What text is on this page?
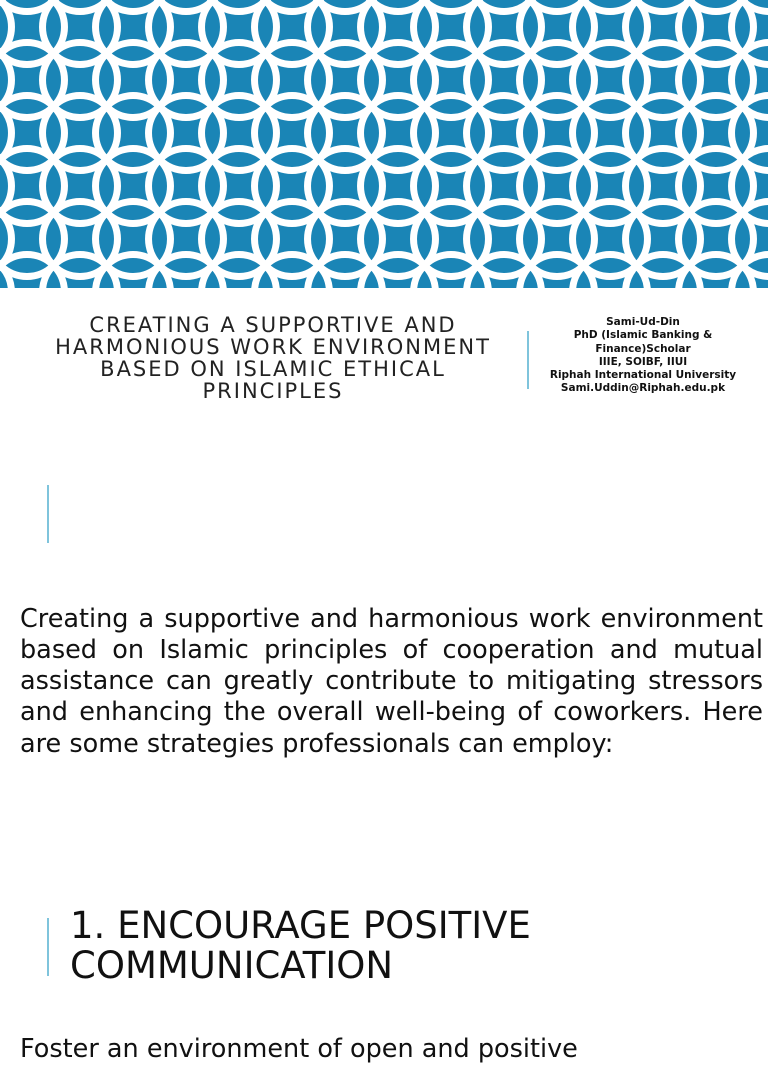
CREATING A SUPPORTIVE AND
HARMONIOUS WORK ENVIRONMENT
BASED ON ISLAMIC ETHICAL
PRINCIPLES
Sami-Ud-Din
PhD (Islamic Banking &
Finance)Scholar
IIIE, SOIBF, IIUI
Riphah International University
Sami.Uddin@Riphah.edu.pk

Creating a supportive and harmonious work environment based on Islamic principles of cooperation and mutual assistance can greatly contribute to mitigating stressors and enhancing the overall well-being of coworkers. Here are some strategies professionals can employ:

1. ENCOURAGE POSITIVE COMMUNICATION

Foster an environment of open and positive
